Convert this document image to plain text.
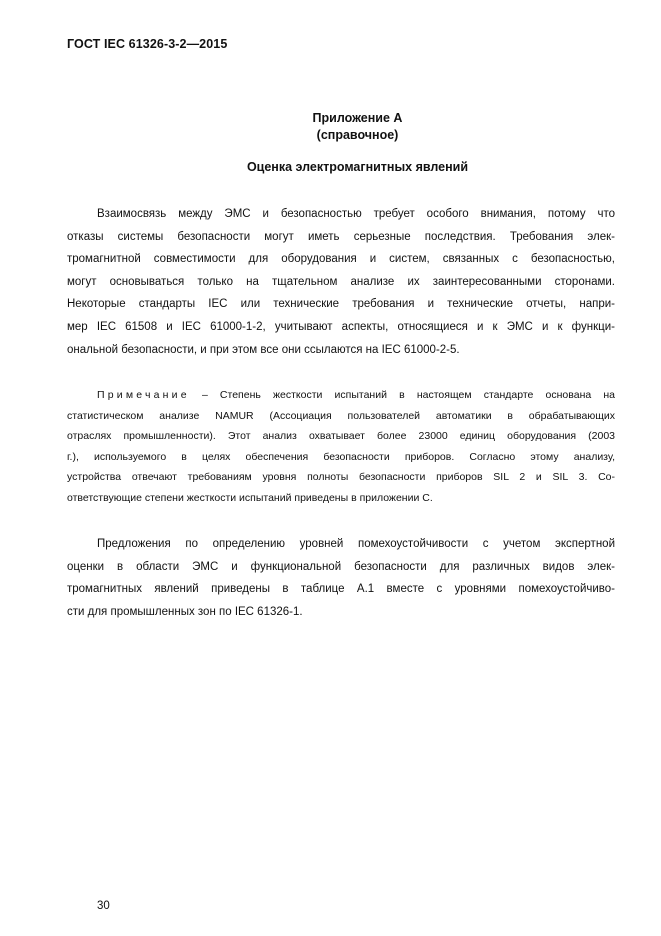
ГОСТ IEC 61326-3-2—2015
Приложение А
(справочное)
Оценка электромагнитных явлений
Взаимосвязь между ЭМС и безопасностью требует особого внимания, потому что
отказы системы безопасности могут иметь серьезные последствия. Требования элек-
тромагнитной совместимости для оборудования и систем, связанных с безопасностью,
могут основываться только на тщательном анализе их заинтересованными сторонами.
Некоторые стандарты IEC или технические требования и технические отчеты, напри-
мер IEC 61508 и IEC 61000-1-2, учитывают аспекты, относящиеся и к ЭМС и к функци-
ональной безопасности, и при этом все они ссылаются на IEC 61000-2-5.
Примечание – Степень жесткости испытаний в настоящем стандарте основана на
статистическом анализе NAMUR (Ассоциация пользователей автоматики в обрабатывающих
отраслях промышленности). Этот анализ охватывает более 23000 единиц оборудования (2003
г.), используемого в целях обеспечения безопасности приборов. Согласно этому анализу,
устройства отвечают требованиям уровня полноты безопасности приборов SIL 2 и SIL 3. Со-
ответствующие степени жесткости испытаний приведены в приложении С.
Предложения по определению уровней помехоустойчивости с учетом экспертной
оценки в области ЭМС и функциональной безопасности для различных видов элек-
тромагнитных явлений приведены в таблице А.1 вместе с уровнями помехоустойчиво-
сти для промышленных зон по IEC 61326-1.
30
